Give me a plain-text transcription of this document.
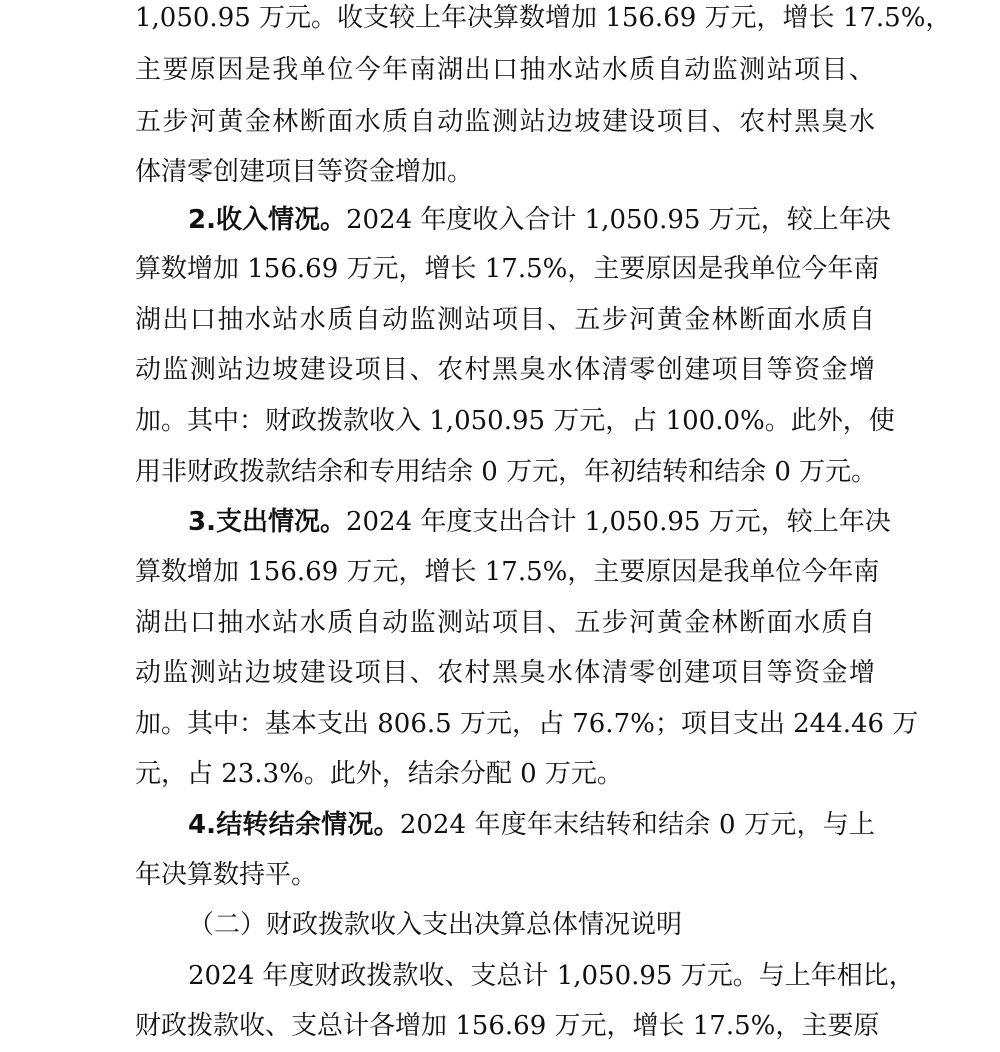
1,050.95 万元。收支较上年决算数增加 156.69 万元，增长 17.5%，
主要原因是我单位今年南湖出口抽水站水质自动监测站项目、
五步河黄金林断面水质自动监测站边坡建设项目、农村黑臭水
体清零创建项目等资金增加。
2.收入情况。2024 年度收入合计 1,050.95 万元，较上年决
算数增加 156.69 万元，增长 17.5%，主要原因是我单位今年南
湖出口抽水站水质自动监测站项目、五步河黄金林断面水质自
动监测站边坡建设项目、农村黑臭水体清零创建项目等资金增
加。其中：财政拨款收入 1,050.95 万元，占 100.0%。此外，使
用非财政拨款结余和专用结余 0 万元，年初结转和结余 0 万元。
3.支出情况。2024 年度支出合计 1,050.95 万元，较上年决
算数增加 156.69 万元，增长 17.5%，主要原因是我单位今年南
湖出口抽水站水质自动监测站项目、五步河黄金林断面水质自
动监测站边坡建设项目、农村黑臭水体清零创建项目等资金增
加。其中：基本支出 806.5 万元，占 76.7%；项目支出 244.46 万
元，占 23.3%。此外，结余分配 0 万元。
4.结转结余情况。2024 年度年末结转和结余 0 万元，与上
年决算数持平。
（二）财政拨款收入支出决算总体情况说明
2024 年度财政拨款收、支总计 1,050.95 万元。与上年相比，
财政拨款收、支总计各增加 156.69 万元，增长 17.5%，主要原
